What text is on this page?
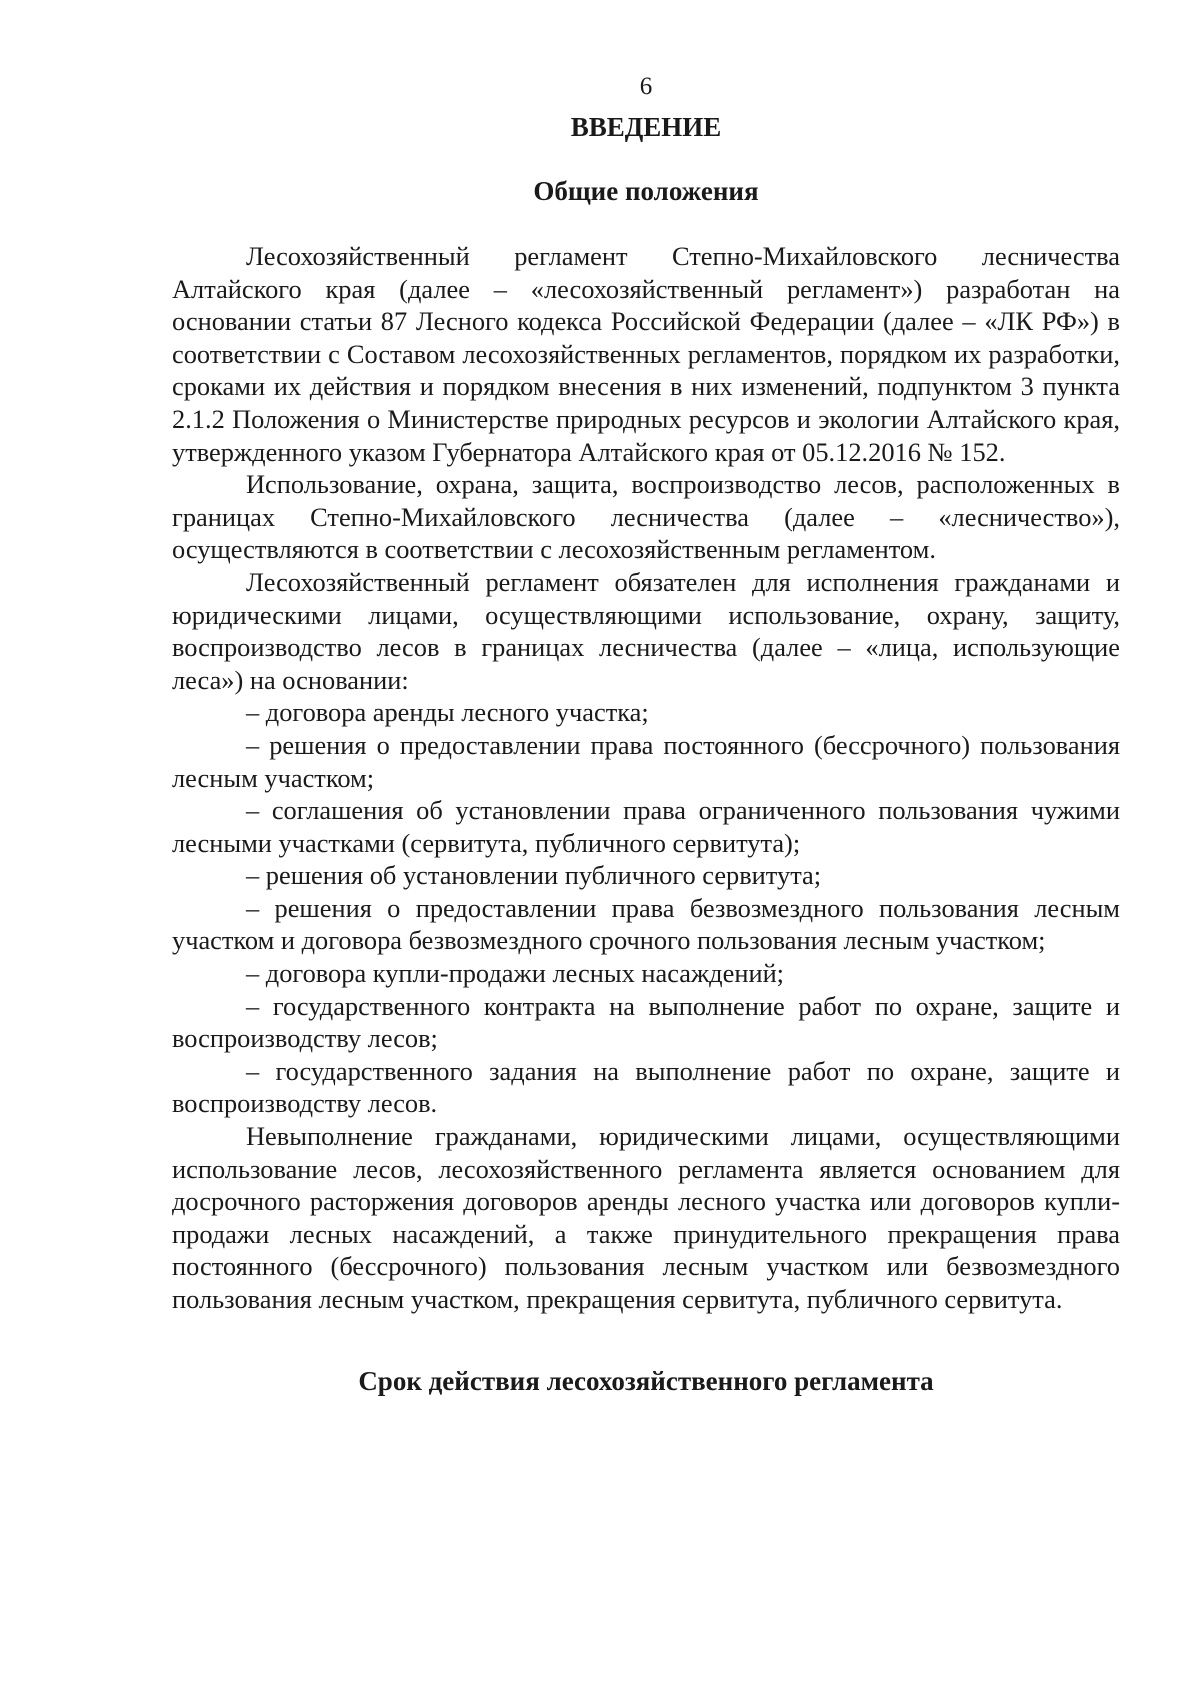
6
ВВЕДЕНИЕ
Общие положения

Лесохозяйственный регламент Степно-Михайловского лесничества Алтайского края (далее – «лесохозяйственный регламент») разработан на основании статьи 87 Лесного кодекса Российской Федерации (далее – «ЛК РФ») в соответствии с Составом лесохозяйственных регламентов, порядком их разработки, сроками их действия и порядком внесения в них изменений, подпунктом 3 пункта 2.1.2 Положения о Министерстве природных ресурсов и экологии Алтайского края, утвержденного указом Губернатора Алтайского края от 05.12.2016 № 152.

Использование, охрана, защита, воспроизводство лесов, расположенных в границах Степно-Михайловского лесничества (далее – «лесничество»), осуществляются в соответствии с лесохозяйственным регламентом.

Лесохозяйственный регламент обязателен для исполнения гражданами и юридическими лицами, осуществляющими использование, охрану, защиту, воспроизводство лесов в границах лесничества (далее – «лица, использующие леса») на основании:

– договора аренды лесного участка;

– решения о предоставлении права постоянного (бессрочного) пользования лесным участком;

– соглашения об установлении права ограниченного пользования чужими лесными участками (сервитута, публичного сервитута);

– решения об установлении публичного сервитута;

– решения о предоставлении права безвозмездного пользования лесным участком и договора безвозмездного срочного пользования лесным участком;

– договора купли-продажи лесных насаждений;

– государственного контракта на выполнение работ по охране, защите и воспроизводству лесов;

– государственного задания на выполнение работ по охране, защите и воспроизводству лесов.

Невыполнение гражданами, юридическими лицами, осуществляющими использование лесов, лесохозяйственного регламента является основанием для досрочного расторжения договоров аренды лесного участка или договоров купли-продажи лесных насаждений, а также принудительного прекращения права постоянного (бессрочного) пользования лесным участком или безвозмездного пользования лесным участком, прекращения сервитута, публичного сервитута.

Срок действия лесохозяйственного регламента
